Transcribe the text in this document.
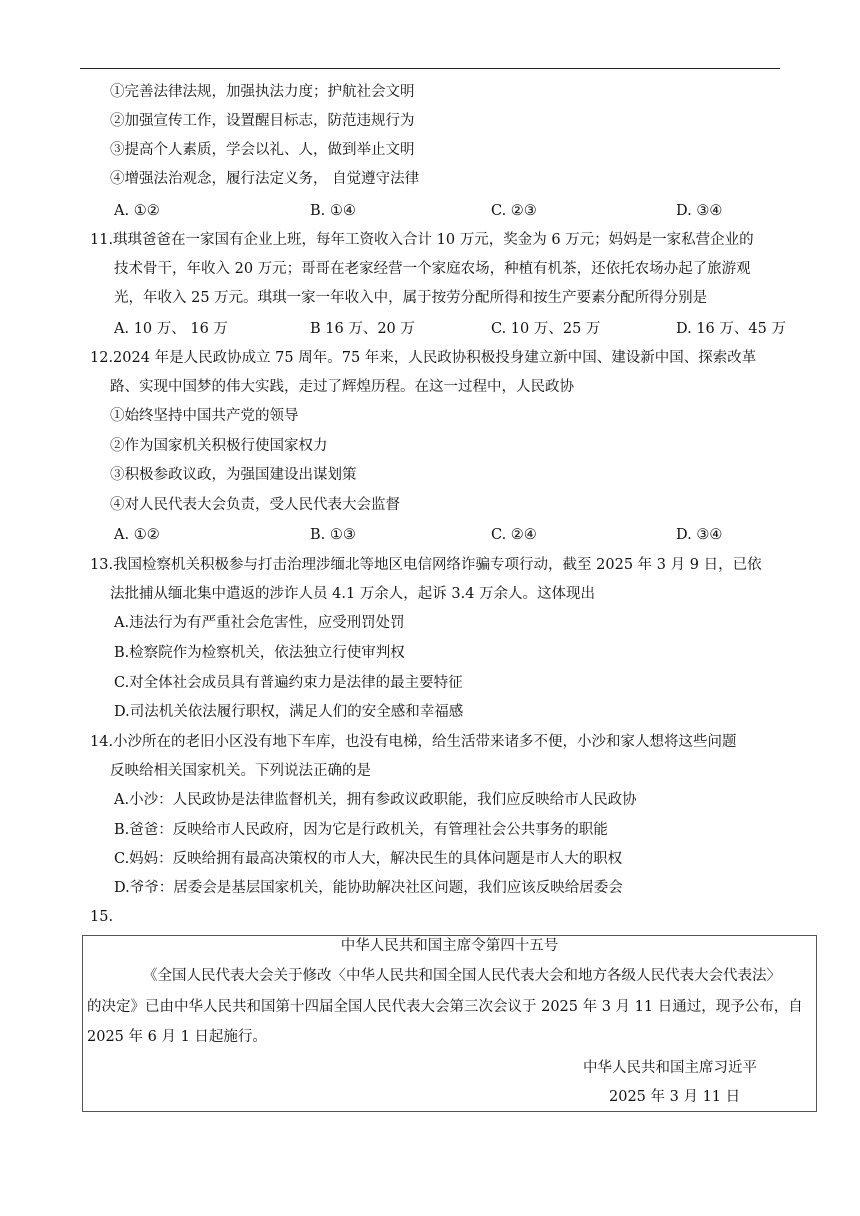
①完善法律法规，加强执法力度；护航社会文明
②加强宣传工作，设置醒目标志，防范违规行为
③提高个人素质，学会以礼、人，做到举止文明
④增强法治观念，履行法定义务， 自觉遵守法律
A. ①②	B. ①④	C. ②③	D. ③④
11.琪琪爸爸在一家国有企业上班，每年工资收入合计 10 万元，奖金为 6 万元；妈妈是一家私营企业的
技术骨干，年收入 20 万元；哥哥在老家经营一个家庭农场，种植有机茶，还依托农场办起了旅游观
光，年收入 25 万元。琪琪一家一年收入中，属于按劳分配所得和按生产要素分配所得分别是
A. 10 万、 16 万	B 16 万、20 万	C. 10 万、25 万	D. 16 万、45 万
12.2024 年是人民政协成立 75 周年。75 年来，人民政协积极投身建立新中国、建设新中国、探索改革
路、实现中国梦的伟大实践，走过了辉煌历程。在这一过程中，人民政协
①始终坚持中国共产党的领导
②作为国家机关积极行使国家权力
③积极参政议政，为强国建设出谋划策
④对人民代表大会负责，受人民代表大会监督
A. ①②	B. ①③	C. ②④	D. ③④
13.我国检察机关积极参与打击治理涉缅北等地区电信网络诈骗专项行动，截至 2025 年 3 月 9 日，已依
法批捕从缅北集中遣返的涉诈人员 4.1 万余人，起诉 3.4 万余人。这体现出
A.违法行为有严重社会危害性，应受刑罚处罚
B.检察院作为检察机关，依法独立行使审判权
C.对全体社会成员具有普遍约束力是法律的最主要特征
D.司法机关依法履行职权，满足人们的安全感和幸福感
14.小沙所在的老旧小区没有地下车库，也没有电梯，给生活带来诸多不便，小沙和家人想将这些问题
反映给相关国家机关。下列说法正确的是
A.小沙：人民政协是法律监督机关，拥有参政议政职能，我们应反映给市人民政协
B.爸爸：反映给市人民政府，因为它是行政机关，有管理社会公共事务的职能
C.妈妈：反映给拥有最高决策权的市人大，解决民生的具体问题是市人大的职权
D.爷爷：居委会是基层国家机关，能协助解决社区问题，我们应该反映给居委会
15.
中华人民共和国主席令第四十五号
《全国人民代表大会关于修改〈中华人民共和国全国人民代表大会和地方各级人民代表大会代表法〉
的决定》已由中华人民共和国第十四届全国人民代表大会第三次会议于 2025 年 3 月 11 日通过，现予公布，自
2025 年 6 月 1 日起施行。
中华人民共和国主席习近平
2025 年 3 月 11 日
